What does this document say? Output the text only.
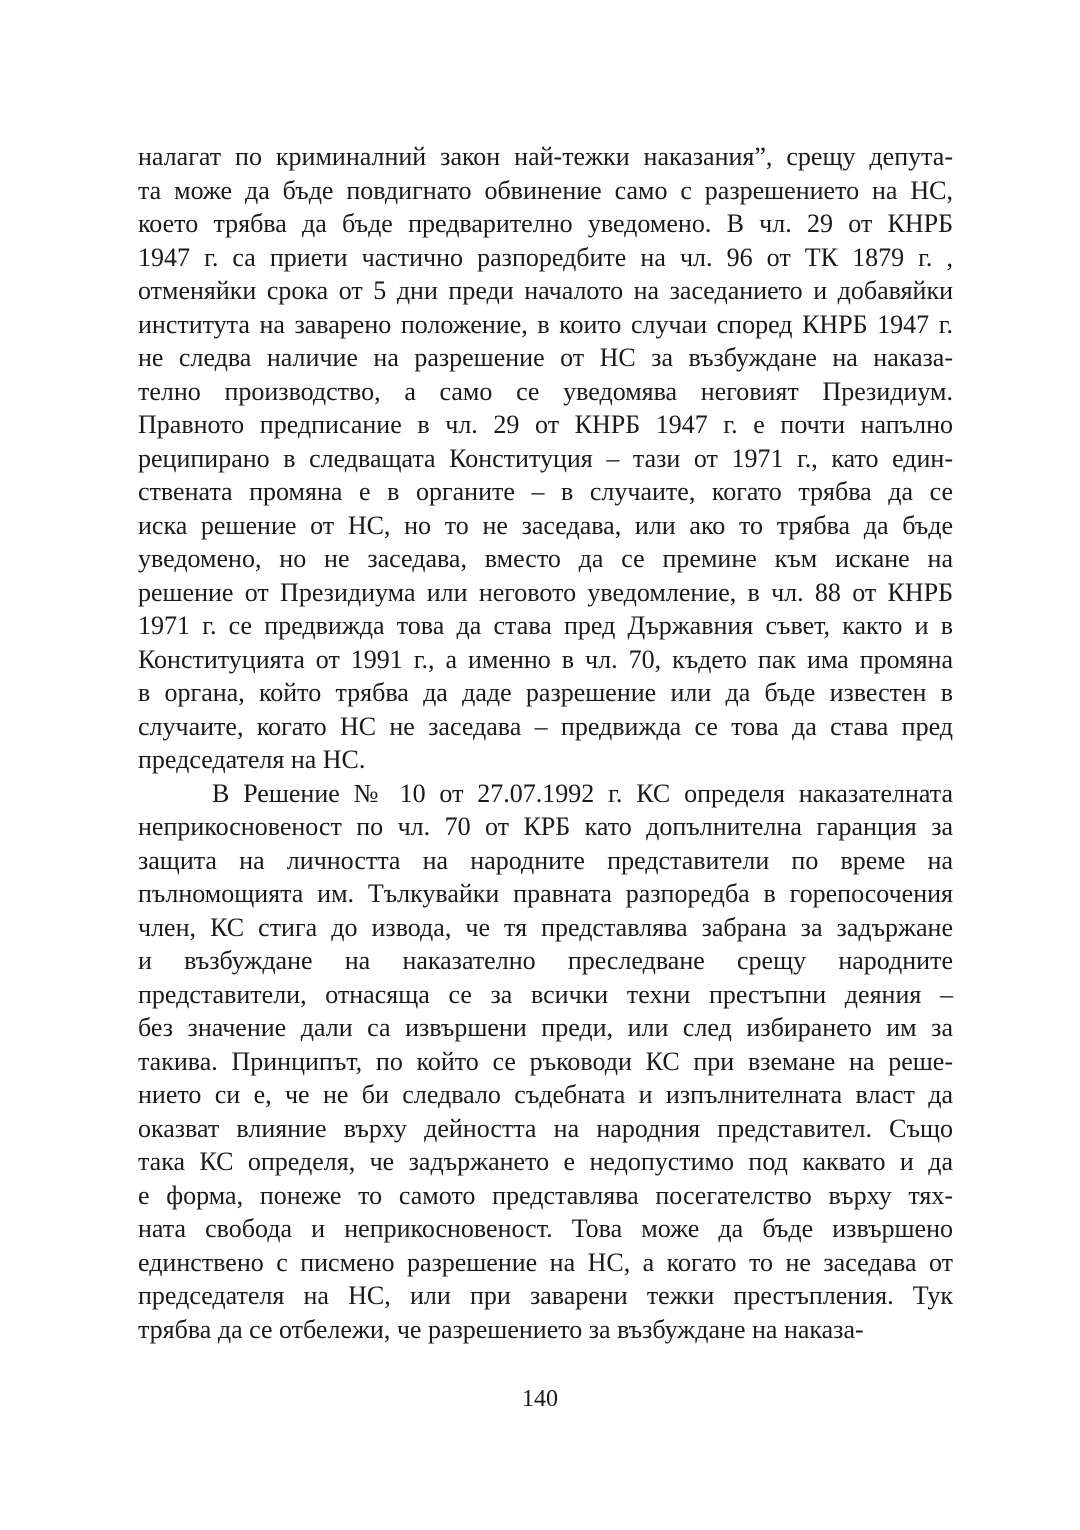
налагат по криминалний закон най-тежки наказания”, срещу депута-
та може да бъде повдигнато обвинение само с разрешението на НС,
което трябва да бъде предварително уведомено. В чл. 29 от КНРБ
1947 г. са приети частично разпоредбите на чл. 96 от ТК 1879 г. ,
отменяйки срока от 5 дни преди началото на заседанието и добавяйки
института на заварено положение, в които случаи според КНРБ 1947 г.
не следва наличие на разрешение от НС за възбуждане на наказа-
телно производство, а само се уведомява неговият Президиум.
Правното предписание в чл. 29 от КНРБ 1947 г. е почти напълно
реципирано в следващата Конституция – тази от 1971 г., като един-
ствената промяна е в органите – в случаите, когато трябва да се
иска решение от НС, но то не заседава, или ако то трябва да бъде
уведомено, но не заседава, вместо да се премине към искане на
решение от Президиума или неговото уведомление, в чл. 88 от КНРБ
1971 г. се предвижда това да става пред Държавния съвет, както и в
Конституцията от 1991 г., а именно в чл. 70, където пак има промяна
в органа, който трябва да даде разрешение или да бъде известен в
случаите, когато НС не заседава – предвижда се това да става пред
председателя на НС.
В Решение № 10 от 27.07.1992 г. КС определя наказателната
неприкосновеност по чл. 70 от КРБ като допълнителна гаранция за
защита на личността на народните представители по време на
пълномощията им. Тълкувайки правната разпоредба в горепосочения
член, КС стига до извода, че тя представлява забрана за задържане
и възбуждане на наказателно преследване срещу народните
представители, отнасяща се за всички техни престъпни деяния –
без значение дали са извършени преди, или след избирането им за
такива. Принципът, по който се ръководи КС при вземане на реше-
нието си е, че не би следвало съдебната и изпълнителната власт да
оказват влияние върху дейността на народния представител. Също
така КС определя, че задържането е недопустимо под каквато и да
е форма, понеже то самото представлява посегателство върху тях-
ната свобода и неприкосновеност. Това може да бъде извършено
единствено с писмено разрешение на НС, а когато то не заседава от
председателя на НС, или при заварени тежки престъпления. Тук
трябва да се отбележи, че разрешението за възбуждане на наказа-
140
